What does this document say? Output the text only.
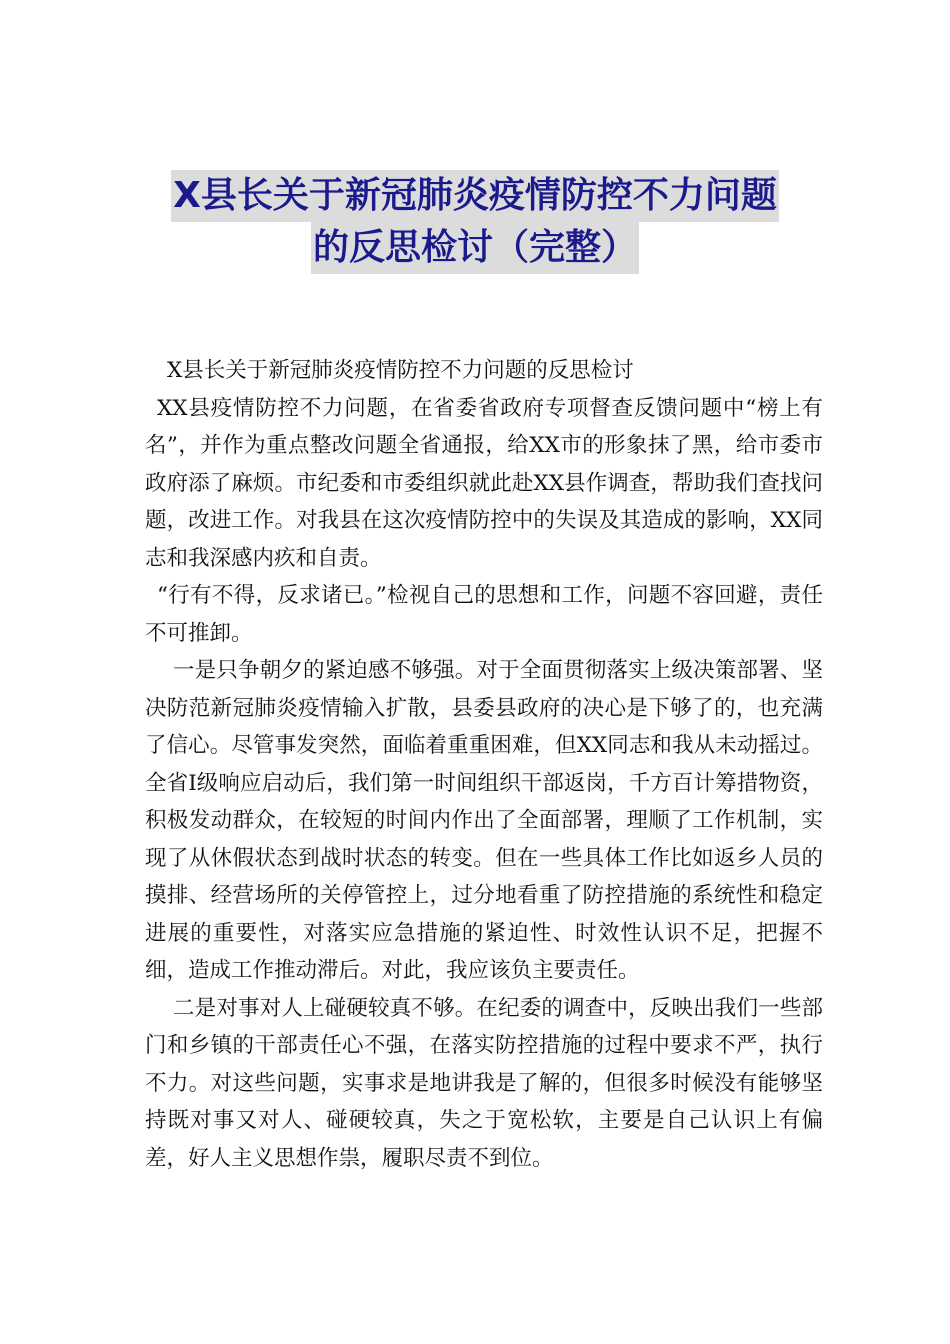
X县长关于新冠肺炎疫情防控不力问题
的反思检讨（完整）

X县长关于新冠肺炎疫情防控不力问题的反思检讨

XX县疫情防控不力问题，在省委省政府专项督查反馈问题中“榜上有名”，并作为重点整改问题全省通报，给XX市的形象抹了黑，给市委市政府添了麻烦。市纪委和市委组织就此赴XX县作调查，帮助我们查找问题，改进工作。对我县在这次疫情防控中的失误及其造成的影响，XX同志和我深感内疚和自责。

“行有不得，反求诸已。”检视自己的思想和工作，问题不容回避，责任不可推卸。

一是只争朝夕的紧迫感不够强。对于全面贯彻落实上级决策部署、坚决防范新冠肺炎疫情输入扩散，县委县政府的决心是下够了的，也充满了信心。尽管事发突然，面临着重重困难，但XX同志和我从未动摇过。全省I级响应启动后，我们第一时间组织干部返岗，千方百计筹措物资，积极发动群众，在较短的时间内作出了全面部署，理顺了工作机制，实现了从休假状态到战时状态的转变。但在一些具体工作比如返乡人员的摸排、经营场所的关停管控上，过分地看重了防控措施的系统性和稳定进展的重要性，对落实应急措施的紧迫性、时效性认识不足，把握不细，造成工作推动滞后。对此，我应该负主要责任。

二是对事对人上碰硬较真不够。在纪委的调查中，反映出我们一些部门和乡镇的干部责任心不强，在落实防控措施的过程中要求不严，执行不力。对这些问题，实事求是地讲我是了解的，但很多时候没有能够坚持既对事又对人、碰硬较真，失之于宽松软，主要是自己认识上有偏差，好人主义思想作祟，履职尽责不到位。
